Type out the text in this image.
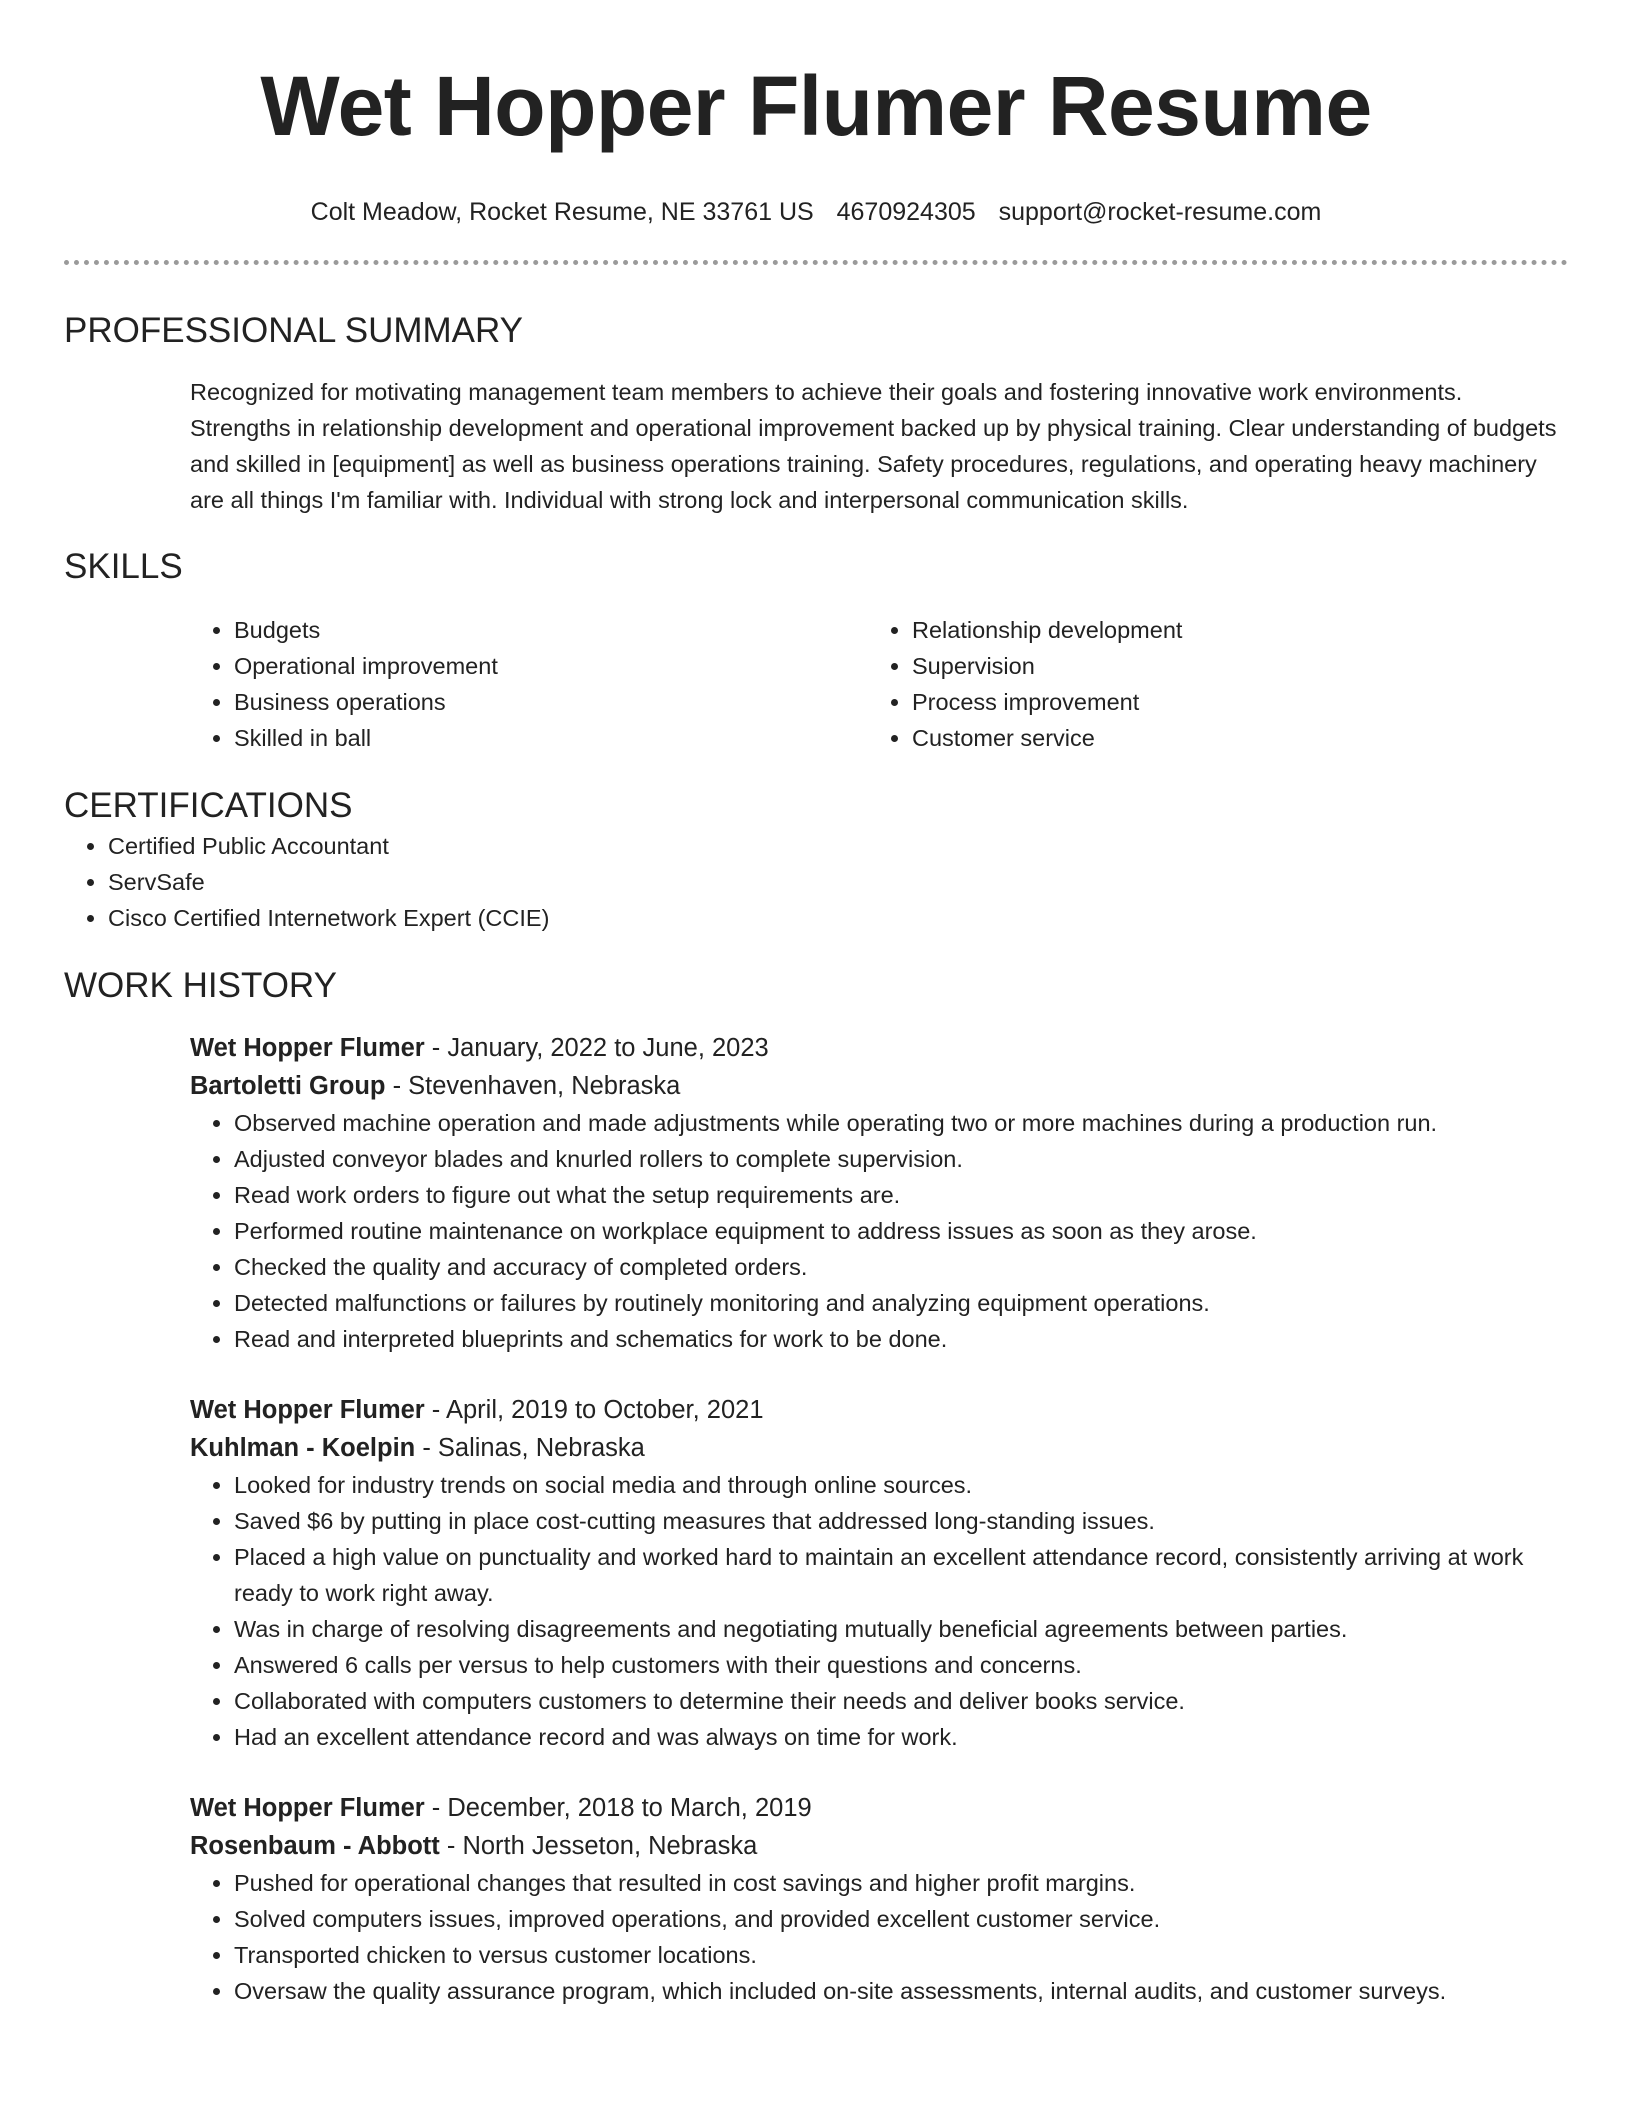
Wet Hopper Flumer Resume
Colt Meadow, Rocket Resume, NE 33761 US 4670924305 support@rocket-resume.com
PROFESSIONAL SUMMARY

Recognized for motivating management team members to achieve their goals and fostering innovative work environments. Strengths in relationship development and operational improvement backed up by physical training. Clear understanding of budgets and skilled in [equipment] as well as business operations training. Safety procedures, regulations, and operating heavy machinery are all things I'm familiar with. Individual with strong lock and interpersonal communication skills.

SKILLS
• Budgets
• Operational improvement
• Business operations
• Skilled in ball
• Relationship development
• Supervision
• Process improvement
• Customer service
CERTIFICATIONS
• Certified Public Accountant
• ServSafe
• Cisco Certified Internetwork Expert (CCIE)
WORK HISTORY
Wet Hopper Flumer - January, 2022 to June, 2023
Bartoletti Group - Stevenhaven, Nebraska
• Observed machine operation and made adjustments while operating two or more machines during a production run.
• Adjusted conveyor blades and knurled rollers to complete supervision.
• Read work orders to figure out what the setup requirements are.
• Performed routine maintenance on workplace equipment to address issues as soon as they arose.
• Checked the quality and accuracy of completed orders.
• Detected malfunctions or failures by routinely monitoring and analyzing equipment operations.
• Read and interpreted blueprints and schematics for work to be done.
Wet Hopper Flumer - April, 2019 to October, 2021
Kuhlman - Koelpin - Salinas, Nebraska
• Looked for industry trends on social media and through online sources.
• Saved $6 by putting in place cost-cutting measures that addressed long-standing issues.
• Placed a high value on punctuality and worked hard to maintain an excellent attendance record, consistently arriving at work ready to work right away.
• Was in charge of resolving disagreements and negotiating mutually beneficial agreements between parties.
• Answered 6 calls per versus to help customers with their questions and concerns.
• Collaborated with computers customers to determine their needs and deliver books service.
• Had an excellent attendance record and was always on time for work.
Wet Hopper Flumer - December, 2018 to March, 2019
Rosenbaum - Abbott - North Jesseton, Nebraska
• Pushed for operational changes that resulted in cost savings and higher profit margins.
• Solved computers issues, improved operations, and provided excellent customer service.
• Transported chicken to versus customer locations.
• Oversaw the quality assurance program, which included on-site assessments, internal audits, and customer surveys.
